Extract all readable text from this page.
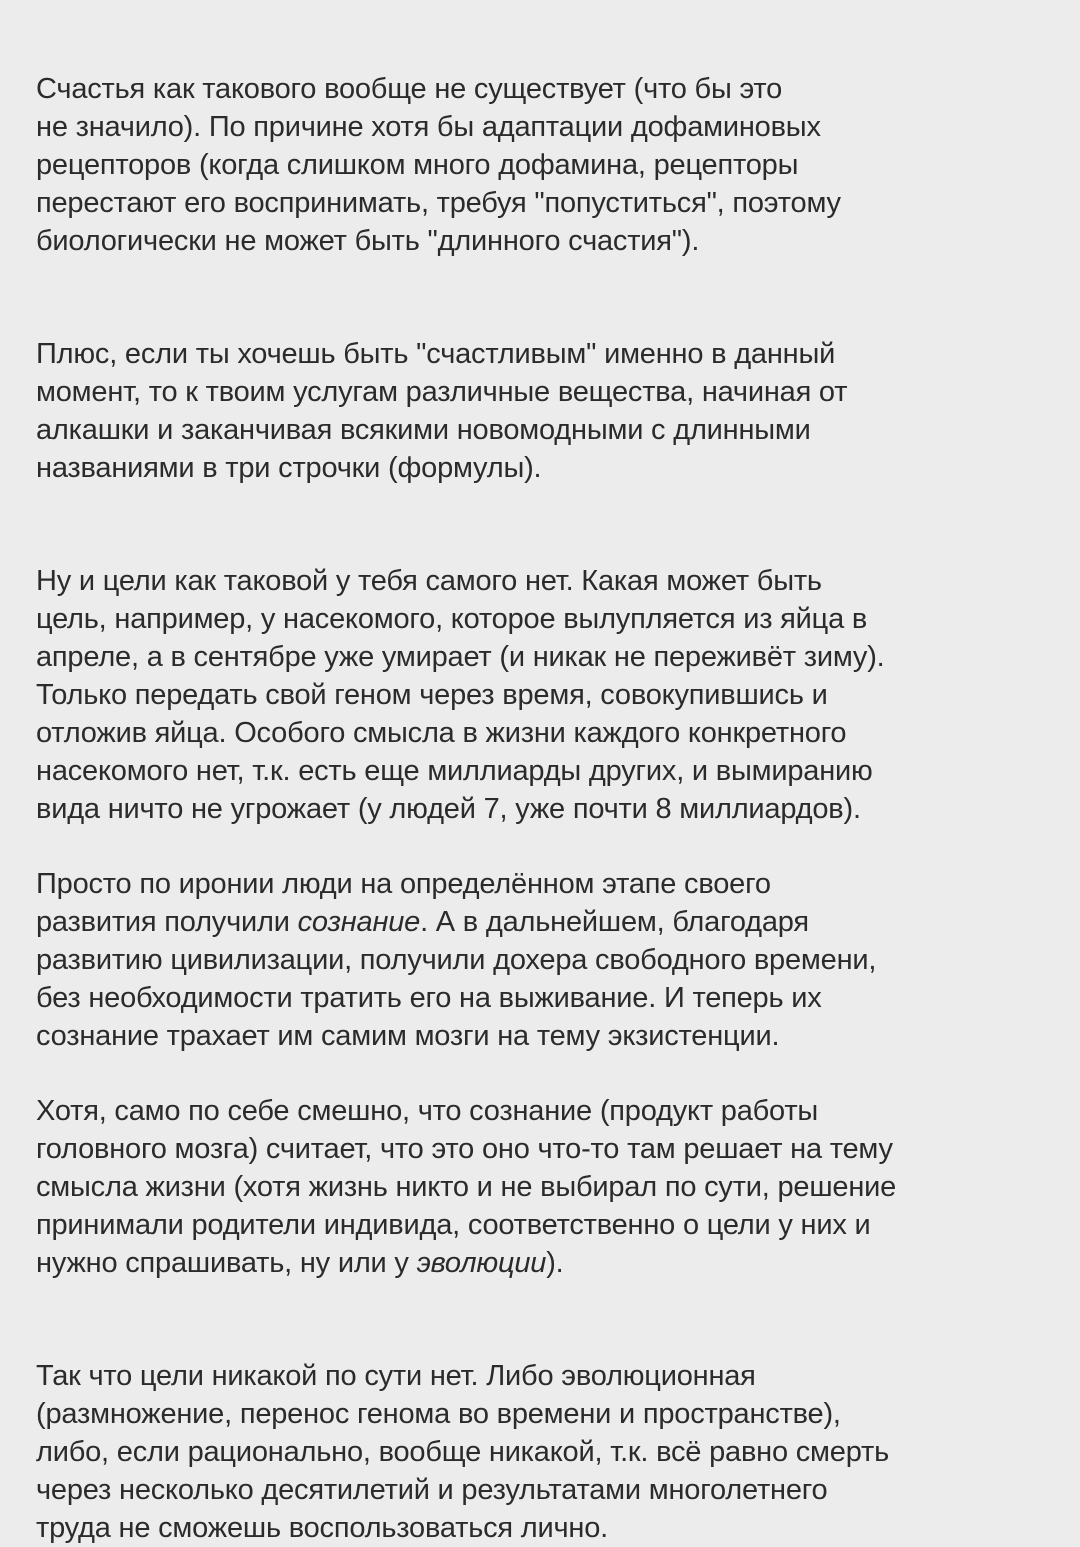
Счастья как такового вообще не существует (что бы это
не значило). По причине хотя бы адаптации дофаминовых
рецепторов (когда слишком много дофамина, рецепторы
перестают его воспринимать, требуя "попуститься", поэтому
биологически не может быть "длинного счастия").

Плюс, если ты хочешь быть "счастливым" именно в данный
момент, то к твоим услугам различные вещества, начиная от
алкашки и заканчивая всякими новомодными с длинными
названиями в три строчки (формулы).

Ну и цели как таковой у тебя самого нет. Какая может быть
цель, например, у насекомого, которое вылупляется из яйца в
апреле, а в сентябре уже умирает (и никак не переживёт зиму).
Только передать свой геном через время, совокупившись и
отложив яйца. Особого смысла в жизни каждого конкретного
насекомого нет, т.к. есть еще миллиарды других, и вымиранию
вида ничто не угрожает (у людей 7, уже почти 8 миллиардов).

Просто по иронии люди на определённом этапе своего
развития получили сознание. А в дальнейшем, благодаря
развитию цивилизации, получили дохера свободного времени,
без необходимости тратить его на выживание. И теперь их
сознание трахает им самим мозги на тему экзистенции.

Хотя, само по себе смешно, что сознание (продукт работы
головного мозга) считает, что это оно что-то там решает на тему
смысла жизни (хотя жизнь никто и не выбирал по сути, решение
принимали родители индивида, соответственно о цели у них и
нужно спрашивать, ну или у эволюции).

Так что цели никакой по сути нет. Либо эволюционная
(размножение, перенос генома во времени и пространстве),
либо, если рационально, вообще никакой, т.к. всё равно смерть
через несколько десятилетий и результатами многолетнего
труда не сможешь воспользоваться лично.
